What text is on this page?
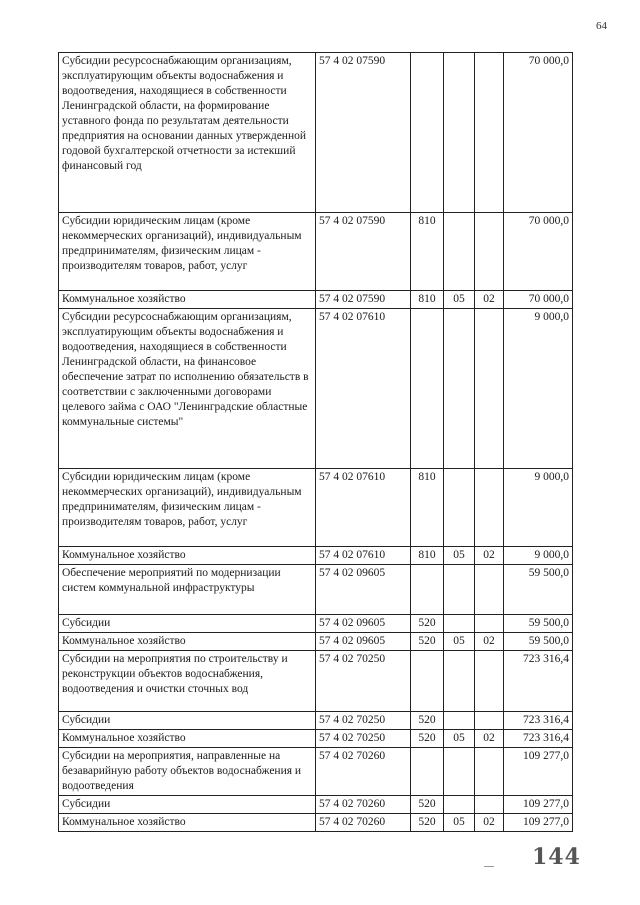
64
Субсидии ресурсоснабжающим организациям, эксплуатирующим объекты водоснабжения и водоотведения, находящиеся в собственности Ленинградской области, на формирование уставного фонда по результатам деятельности предприятия на основании данных утвержденной годовой бухгалтерской отчетности за истекший финансовый год	57 4 02 07590				70 000,0
Субсидии юридическим лицам (кроме некоммерческих организаций), индивидуальным предпринимателям, физическим лицам - производителям товаров, работ, услуг	57 4 02 07590	810			70 000,0
Коммунальное хозяйство	57 4 02 07590	810	05	02	70 000,0
Субсидии ресурсоснабжающим организациям, эксплуатирующим объекты водоснабжения и водоотведения, находящиеся в собственности Ленинградской области, на финансовое обеспечение затрат по исполнению обязательств в соответствии с заключенными договорами целевого займа с ОАО "Ленинградские областные коммунальные системы"	57 4 02 07610				9 000,0
Субсидии юридическим лицам (кроме некоммерческих организаций), индивидуальным предпринимателям, физическим лицам - производителям товаров, работ, услуг	57 4 02 07610	810			9 000,0
Коммунальное хозяйство	57 4 02 07610	810	05	02	9 000,0
Обеспечение мероприятий по модернизации систем коммунальной инфраструктуры	57 4 02 09605				59 500,0
Субсидии	57 4 02 09605	520			59 500,0
Коммунальное хозяйство	57 4 02 09605	520	05	02	59 500,0
Субсидии на мероприятия по строительству и реконструкции объектов водоснабжения, водоотведения и очистки сточных вод	57 4 02 70250				723 316,4
Субсидии	57 4 02 70250	520			723 316,4
Коммунальное хозяйство	57 4 02 70250	520	05	02	723 316,4
Субсидии на мероприятия, направленные на безаварийную работу объектов водоснабжения и водоотведения	57 4 02 70260				109 277,0
Субсидии	57 4 02 70260	520			109 277,0
Коммунальное хозяйство	57 4 02 70260	520	05	02	109 277,0
144
